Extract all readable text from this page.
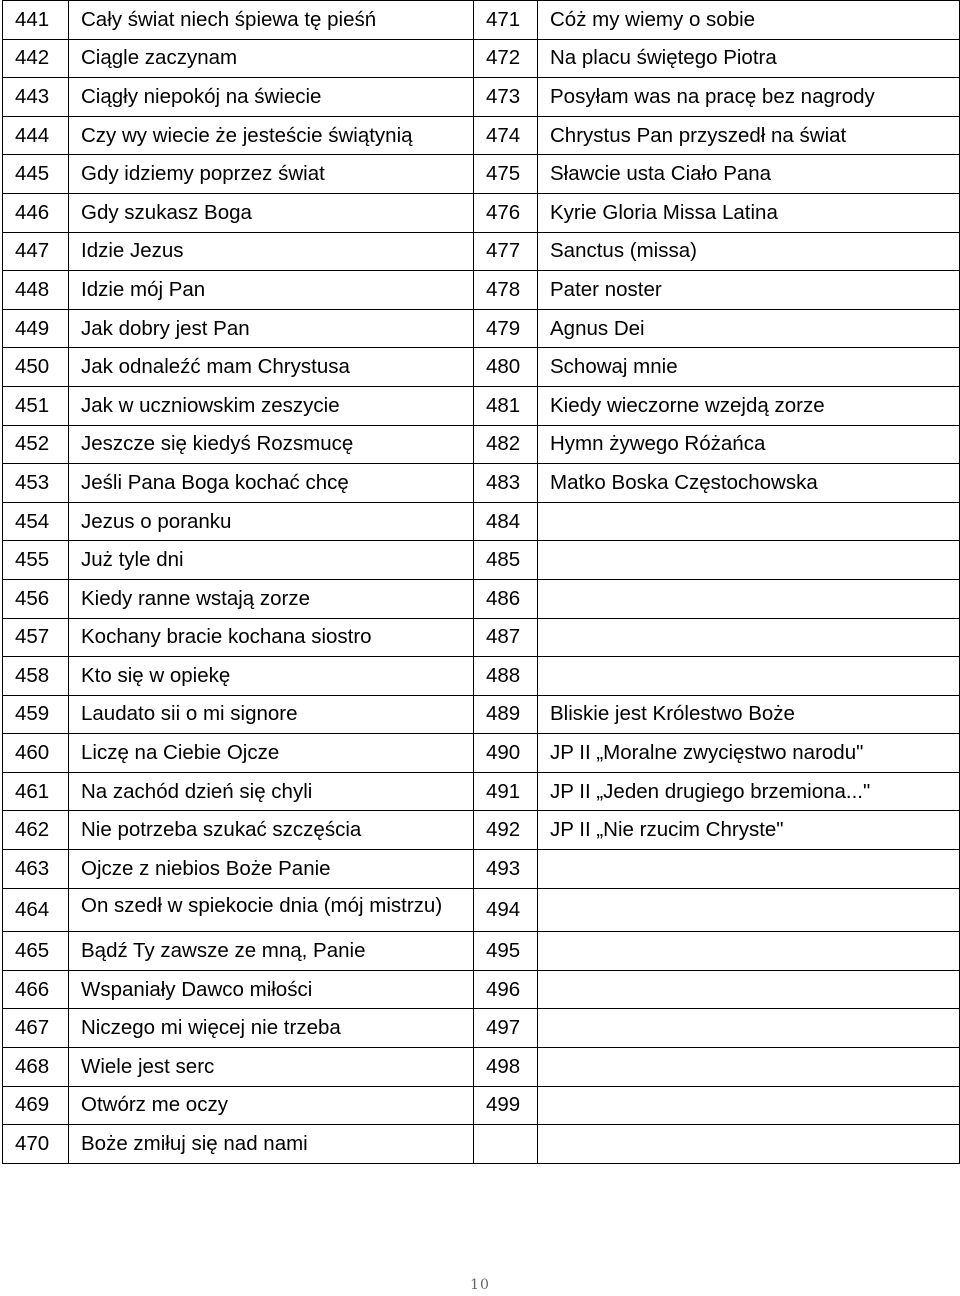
441	Cały świat niech śpiewa tę pieśń	471	Cóż my wiemy o sobie
442	Ciągle zaczynam	472	Na placu świętego Piotra
443	Ciągły niepokój na świecie	473	Posyłam was na pracę bez nagrody
444	Czy wy wiecie że jesteście świątynią	474	Chrystus Pan przyszedł na świat
445	Gdy idziemy poprzez świat	475	Sławcie usta Ciało Pana
446	Gdy szukasz Boga	476	Kyrie Gloria Missa Latina
447	Idzie Jezus	477	Sanctus (missa)
448	Idzie mój Pan	478	Pater noster
449	Jak dobry jest Pan	479	Agnus Dei
450	Jak odnaleźć mam Chrystusa	480	Schowaj mnie
451	Jak w uczniowskim zeszycie	481	Kiedy wieczorne wzejdą zorze
452	Jeszcze się kiedyś Rozsmucę	482	Hymn żywego Różańca
453	Jeśli Pana Boga kochać chcę	483	Matko Boska Częstochowska
454	Jezus o poranku	484	
455	Już tyle dni	485	
456	Kiedy ranne wstają zorze	486	
457	Kochany bracie kochana siostro	487	
458	Kto się w opiekę	488	
459	Laudato sii o mi signore	489	Bliskie jest Królestwo Boże
460	Liczę na Ciebie Ojcze	490	JP II „Moralne zwycięstwo narodu"
461	Na zachód dzień się chyli	491	JP II „Jeden drugiego brzemiona..."
462	Nie potrzeba szukać szczęścia	492	JP II „Nie rzucim Chryste"
463	Ojcze z niebios Boże Panie	493	
464	On szedł w spiekocie dnia (mój mistrzu)	494	
465	Bądź Ty zawsze ze mną, Panie	495	
466	Wspaniały Dawco miłości	496	
467	Niczego mi więcej nie trzeba	497	
468	Wiele jest serc	498	
469	Otwórz me oczy	499	
470	Boże zmiłuj się nad nami		
10
